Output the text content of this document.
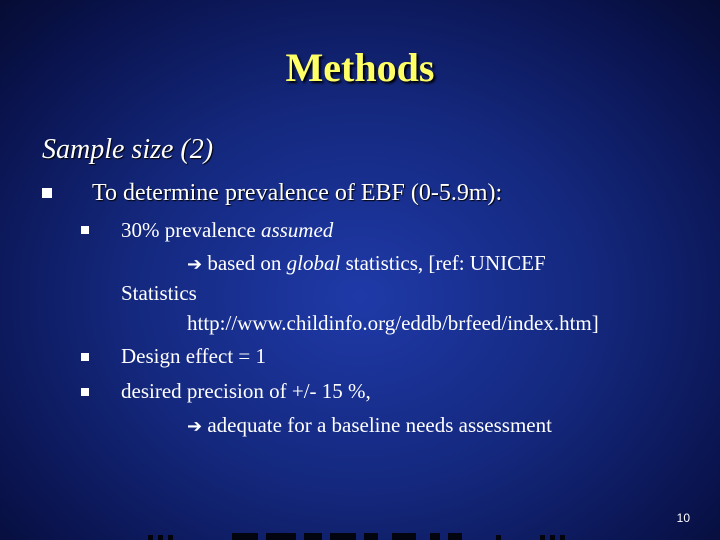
Methods
Sample size (2)
To determine prevalence of EBF (0-5.9m):
30% prevalence assumed
➔ based on global statistics, [ref: UNICEF
Statistics
http://www.childinfo.org/eddb/brfeed/index.htm]
Design effect = 1
desired precision of +/- 15 %,
➔ adequate for a baseline needs assessment
10
